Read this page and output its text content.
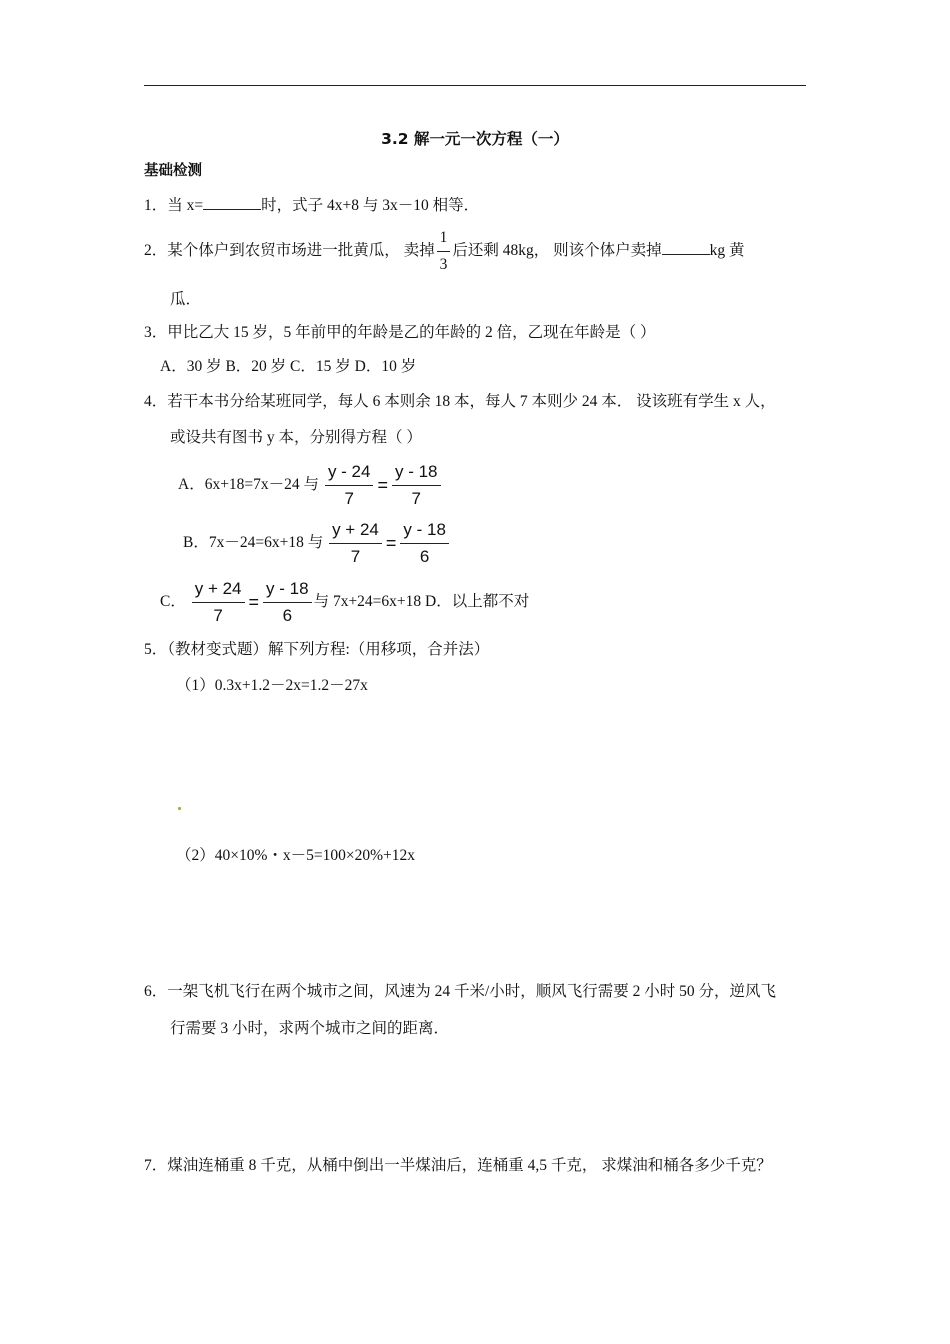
3.2 解一元一次方程（一）
基础检测
1．当 x=	时，式子 4x+8 与 3x－10 相等．
2．某个体户到农贸市场进一批黄瓜， 卖掉 $\frac{1}{3}$ 后还剩 48kg， 则该个体户卖掉	kg 黄
瓜．
3．甲比乙大 15 岁，5 年前甲的年龄是乙的年龄的 2 倍，乙现在年龄是（ ）
A．30 岁 B．20 岁 C．15 岁 D．10 岁
4．若干本书分给某班同学，每人 6 本则余 18 本，每人 7 本则少 24 本． 设该班有学生 x 人，
或设共有图书 y 本，分别得方程（ ）
A．6x+18=7x－24 与 $\frac{y - 24}{7} = \frac{y - 18}{7}$
B．7x－24=6x+18 与 $\frac{y + 24}{7} = \frac{y - 18}{6}$
C． $\frac{y + 24}{7} = \frac{y - 18}{6}$ 与 7x+24=6x+18 D．以上都不对
5．（教材变式题）解下列方程:（用移项，合并法）
（1）0.3x+1.2－2x=1.2－27x
（2）40×10%・x－5=100×20%+12x
6．一架飞机飞行在两个城市之间，风速为 24 千米/小时，顺风飞行需要 2 小时 50 分，逆风飞
行需要 3 小时，求两个城市之间的距离．
7．煤油连桶重 8 千克，从桶中倒出一半煤油后，连桶重 4,5 千克， 求煤油和桶各多少千克？
